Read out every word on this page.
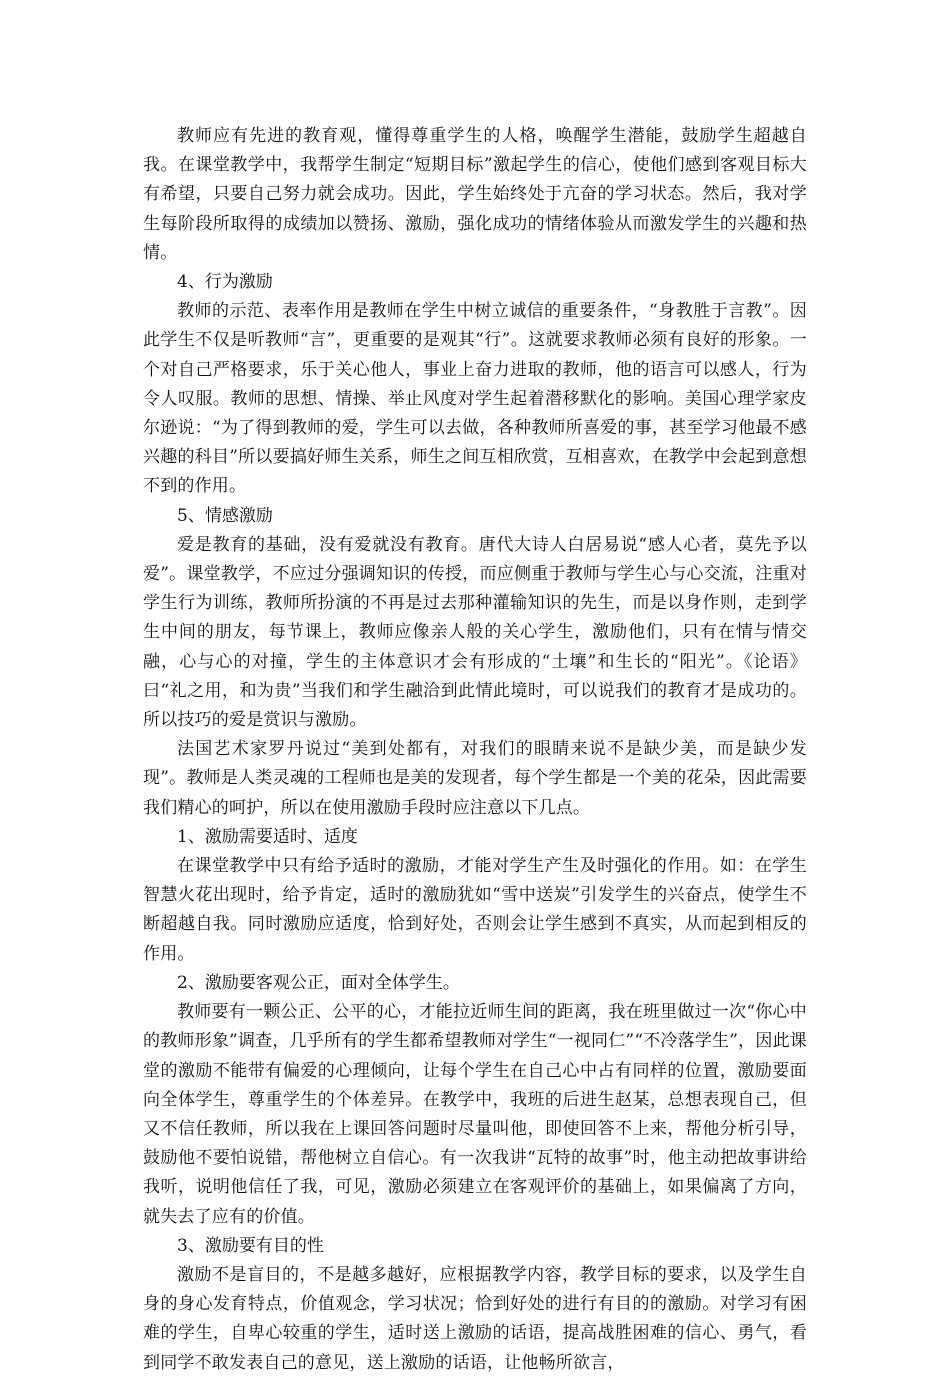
教师应有先进的教育观，懂得尊重学生的人格，唤醒学生潜能，鼓励学生超越自我。在课堂教学中，我帮学生制定“短期目标”激起学生的信心，使他们感到客观目标大有希望，只要自己努力就会成功。因此，学生始终处于亢奋的学习状态。然后，我对学生每阶段所取得的成绩加以赞扬、激励，强化成功的情绪体验从而激发学生的兴趣和热情。

4、行为激励

教师的示范、表率作用是教师在学生中树立诚信的重要条件，“身教胜于言教”。因此学生不仅是听教师“言”，更重要的是观其“行”。这就要求教师必须有良好的形象。一个对自己严格要求，乐于关心他人，事业上奋力进取的教师，他的语言可以感人，行为令人叹服。教师的思想、情操、举止风度对学生起着潜移默化的影响。美国心理学家皮尔逊说：“为了得到教师的爱，学生可以去做，各种教师所喜爱的事，甚至学习他最不感兴趣的科目”所以要搞好师生关系，师生之间互相欣赏，互相喜欢，在教学中会起到意想不到的作用。

5、情感激励

爱是教育的基础，没有爱就没有教育。唐代大诗人白居易说“感人心者，莫先予以爱”。课堂教学，不应过分强调知识的传授，而应侧重于教师与学生心与心交流，注重对学生行为训练，教师所扮演的不再是过去那种灌输知识的先生，而是以身作则，走到学生中间的朋友，每节课上，教师应像亲人般的关心学生，激励他们，只有在情与情交融，心与心的对撞，学生的主体意识才会有形成的“土壤”和生长的“阳光”。《论语》曰“礼之用，和为贵”当我们和学生融洽到此情此境时，可以说我们的教育才是成功的。所以技巧的爱是赏识与激励。

法国艺术家罗丹说过“美到处都有，对我们的眼睛来说不是缺少美，而是缺少发现”。教师是人类灵魂的工程师也是美的发现者，每个学生都是一个美的花朵，因此需要我们精心的呵护，所以在使用激励手段时应注意以下几点。

1、激励需要适时、适度

在课堂教学中只有给予适时的激励，才能对学生产生及时强化的作用。如：在学生智慧火花出现时，给予肯定，适时的激励犹如“雪中送炭”引发学生的兴奋点，使学生不断超越自我。同时激励应适度，恰到好处，否则会让学生感到不真实，从而起到相反的作用。

2、激励要客观公正，面对全体学生。

教师要有一颗公正、公平的心，才能拉近师生间的距离，我在班里做过一次“你心中的教师形象”调查，几乎所有的学生都希望教师对学生“一视同仁”“不冷落学生”，因此课堂的激励不能带有偏爱的心理倾向，让每个学生在自己心中占有同样的位置，激励要面向全体学生，尊重学生的个体差异。在教学中，我班的后进生赵某，总想表现自己，但又不信任教师，所以我在上课回答问题时尽量叫他，即使回答不上来，帮他分析引导，鼓励他不要怕说错，帮他树立自信心。有一次我讲“瓦特的故事”时，他主动把故事讲给我听，说明他信任了我，可见，激励必须建立在客观评价的基础上，如果偏离了方向，就失去了应有的价值。

3、激励要有目的性

激励不是盲目的，不是越多越好，应根据教学内容，教学目标的要求，以及学生自身的身心发育特点，价值观念，学习状况；恰到好处的进行有目的的激励。对学习有困难的学生，自卑心较重的学生，适时送上激励的话语，提高战胜困难的信心、勇气，看到同学不敢发表自己的意见，送上激励的话语，让他畅所欲言，
